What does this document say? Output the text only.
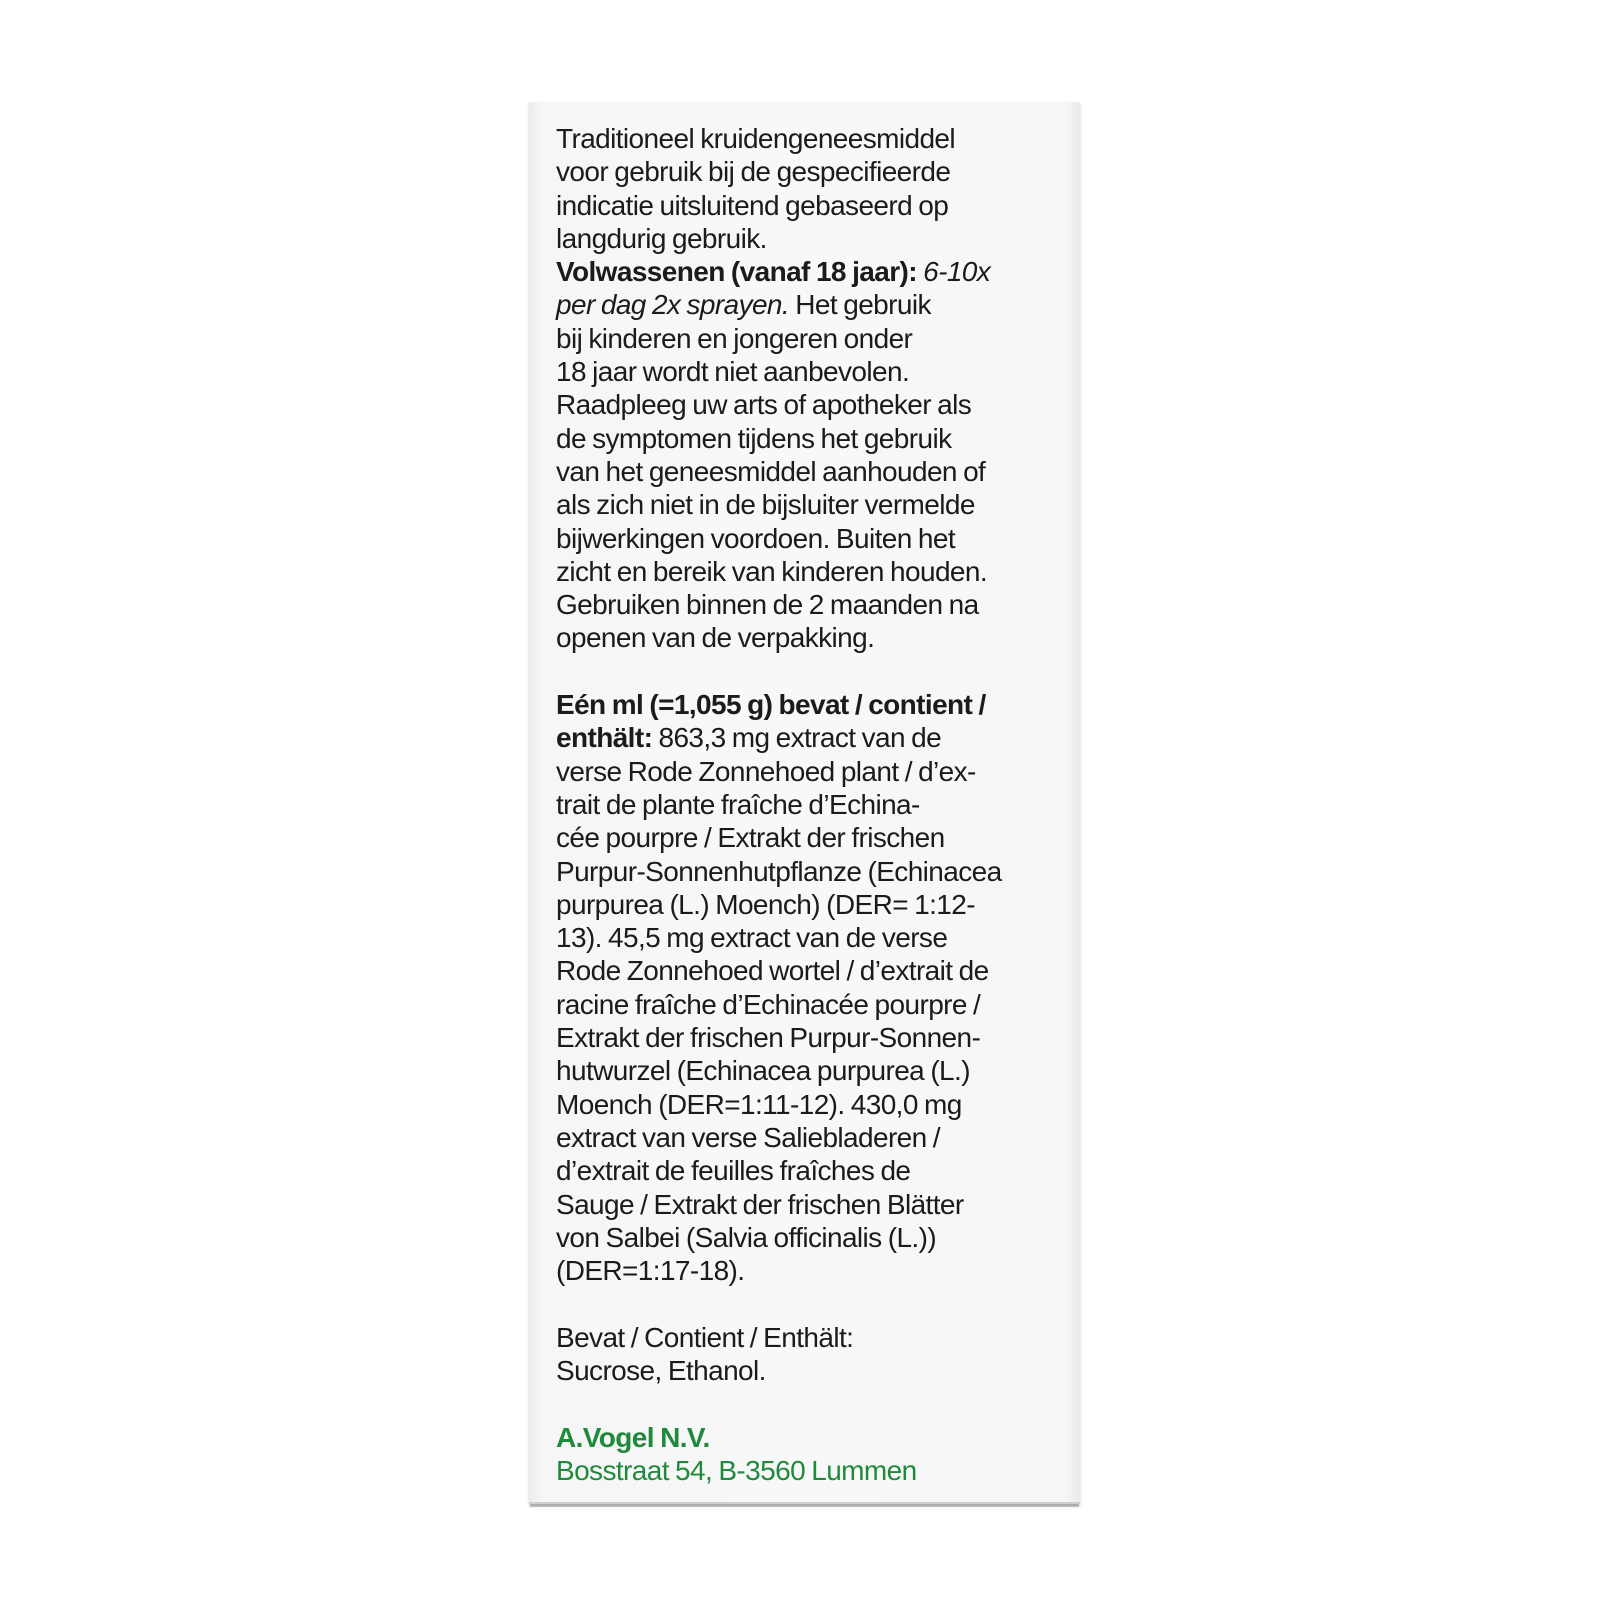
Traditioneel kruidengeneesmiddel
voor gebruik bij de gespecifieerde
indicatie uitsluitend gebaseerd op
langdurig gebruik.
Volwassenen (vanaf 18 jaar): 6-10x
per dag 2x sprayen. Het gebruik
bij kinderen en jongeren onder
18 jaar wordt niet aanbevolen.
Raadpleeg uw arts of apotheker als
de symptomen tijdens het gebruik
van het geneesmiddel aanhouden of
als zich niet in de bijsluiter vermelde
bijwerkingen voordoen. Buiten het
zicht en bereik van kinderen houden.
Gebruiken binnen de 2 maanden na
openen van de verpakking.
Eén ml (=1,055 g) bevat / contient /
enthält: 863,3 mg extract van de
verse Rode Zonnehoed plant / d’ex-
trait de plante fraîche d’Echina-
cée pourpre / Extrakt der frischen
Purpur-Sonnenhutpflanze (Echinacea
purpurea (L.) Moench) (DER= 1:12-
13). 45,5 mg extract van de verse
Rode Zonnehoed wortel / d’extrait de
racine fraîche d’Echinacée pourpre /
Extrakt der frischen Purpur-Sonnen-
hutwurzel (Echinacea purpurea (L.)
Moench (DER=1:11-12). 430,0 mg
extract van verse Saliebladeren /
d’extrait de feuilles fraîches de
Sauge / Extrakt der frischen Blätter
von Salbei (Salvia officinalis (L.))
(DER=1:17-18).
Bevat / Contient / Enthält:
Sucrose, Ethanol.
A.Vogel N.V.
Bosstraat 54, B-3560 Lummen
